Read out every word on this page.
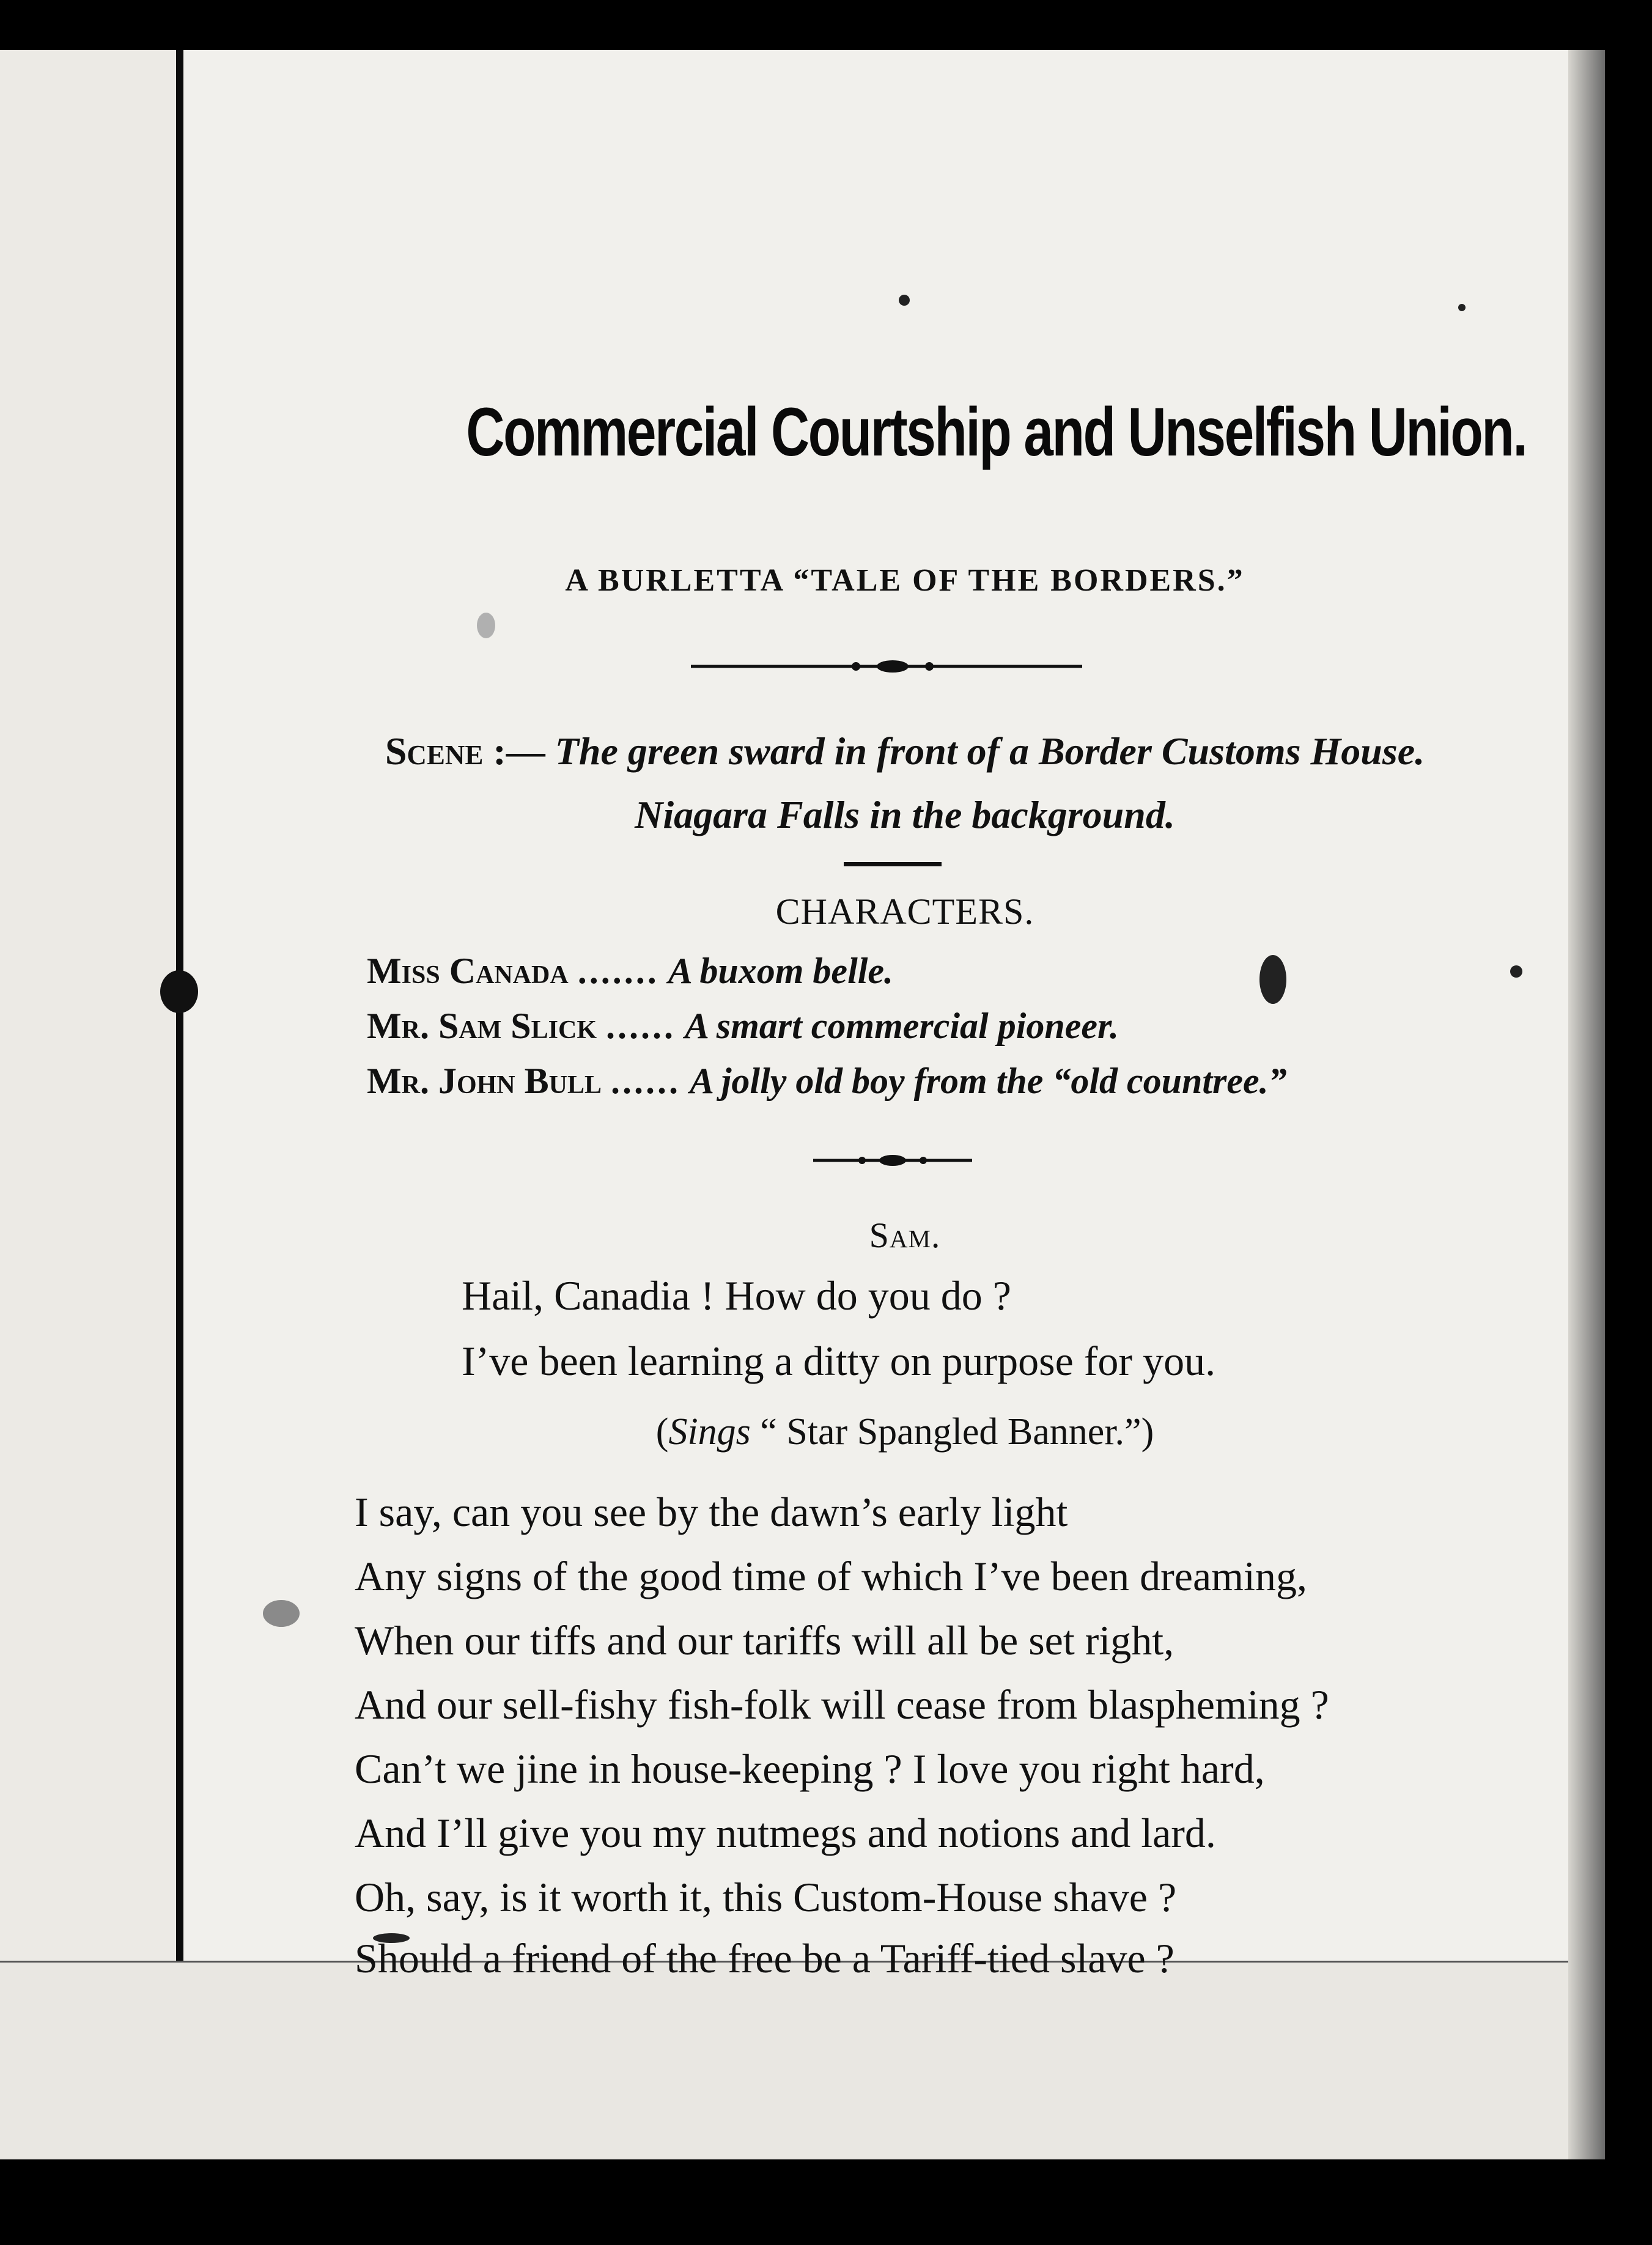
Commercial Courtship and Unselfish Union.
A BURLETTA “TALE OF THE BORDERS.”
Scene :— The green sward in front of a Border Customs House.
Niagara Falls in the background.
CHARACTERS.
Miss Canada ....... A buxom belle.
Mr. Sam Slick ...... A smart commercial pioneer.
Mr. John Bull ...... A jolly old boy from the “old countree.”
Sam.
Hail, Canadia ! How do you do ?
I’ve been learning a ditty on purpose for you.
(Sings “ Star Spangled Banner.”)
I say, can you see by the dawn’s early light
Any signs of the good time of which I’ve been dreaming,
When our tiffs and our tariffs will all be set right,
And our sell-fishy fish-folk will cease from blaspheming ?
Can’t we jine in house-keeping ? I love you right hard,
And I’ll give you my nutmegs and notions and lard.
Oh, say, is it worth it, this Custom-House shave ?
Should a friend of the free be a Tariff-tied slave ?
